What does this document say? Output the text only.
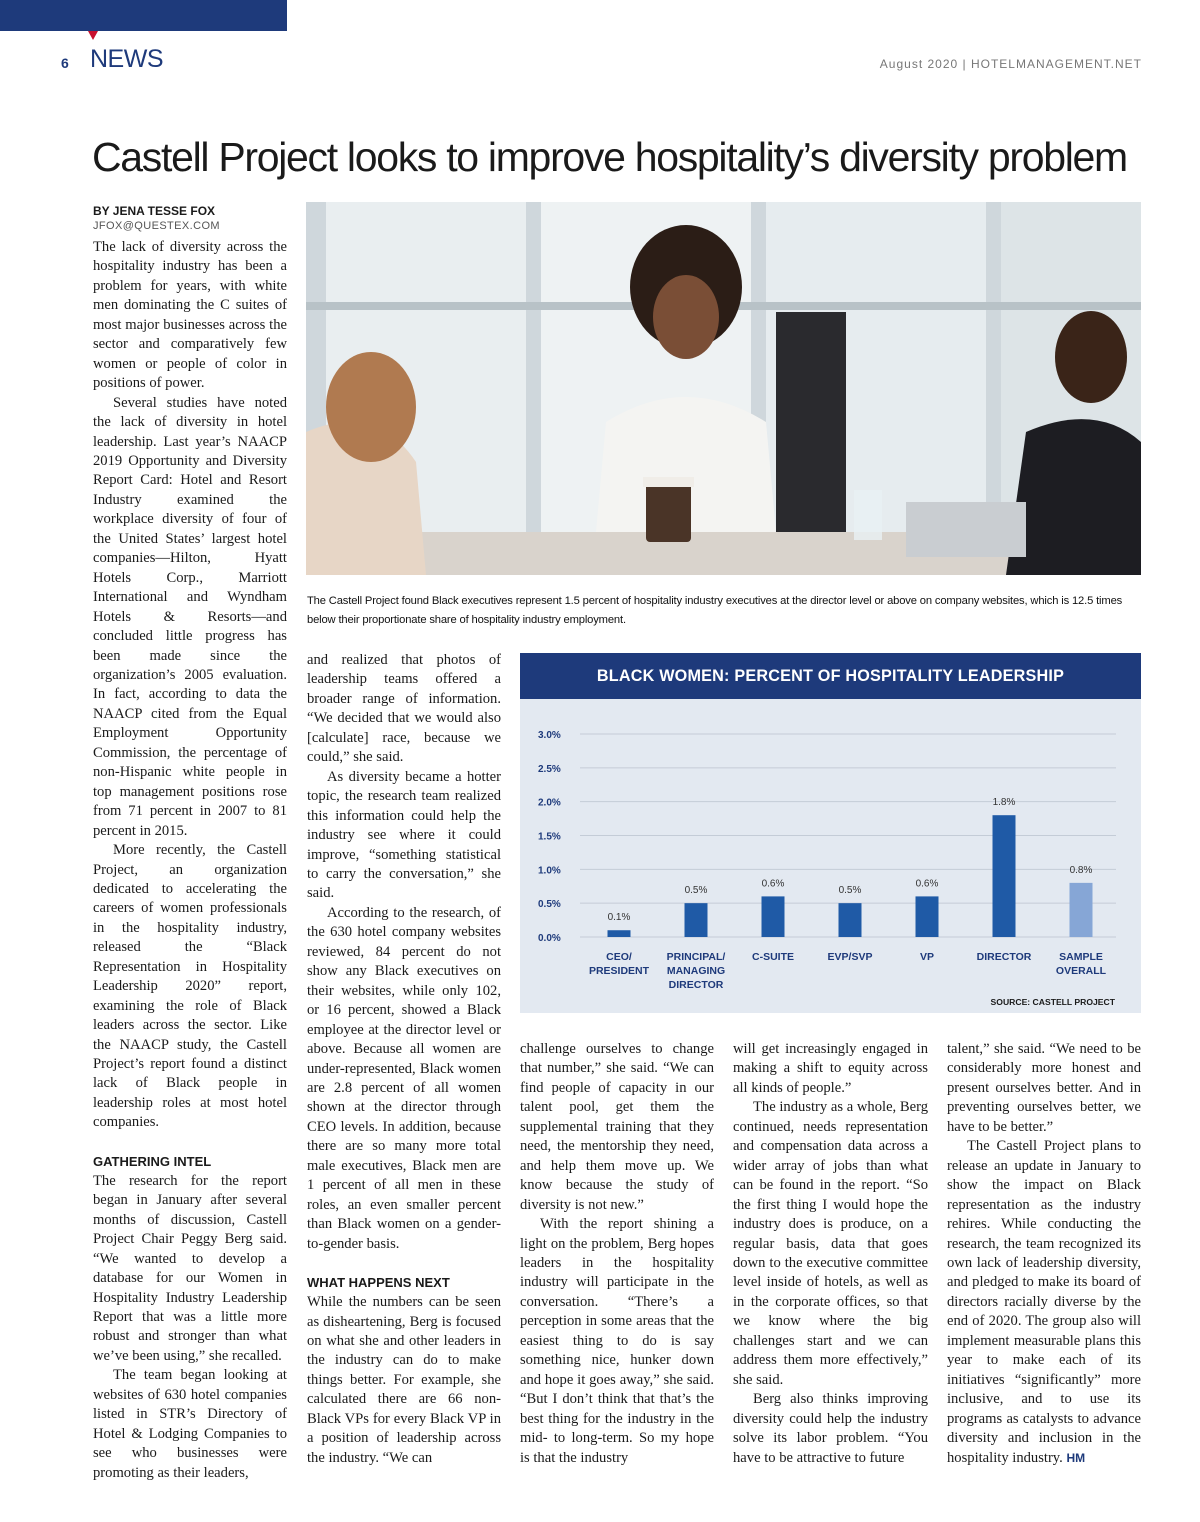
6 NEWS	August 2020 | HOTELMANAGEMENT.NET
Castell Project looks to improve hospitality’s diversity problem
BY JENA TESSE FOX
JFOX@QUESTEX.COM

The lack of diversity across the hospitality industry has been a problem for years, with white men dominating the C suites of most major businesses across the sector and comparatively few women or people of color in positions of power.

Several studies have noted the lack of diversity in hotel leadership. Last year’s NAACP 2019 Opportunity and Diversity Report Card: Hotel and Resort Industry examined the workplace diversity of four of the United States’ largest hotel companies—Hilton, Hyatt Hotels Corp., Marriott International and Wyndham Hotels & Resorts—and concluded little progress has been made since the organization’s 2005 evaluation. In fact, according to data the NAACP cited from the Equal Employment Opportunity Commission, the percentage of non-Hispanic white people in top management positions rose from 71 percent in 2007 to 81 percent in 2015.

More recently, the Castell Project, an organization dedicated to accelerating the careers of women professionals in the hospitality industry, released the “Black Representation in Hospitality Leadership 2020” report, examining the role of Black leaders across the sector. Like the NAACP study, the Castell Project’s report found a distinct lack of Black people in leadership roles at most hotel companies.

GATHERING INTEL

The research for the report began in January after several months of discussion, Castell Project Chair Peggy Berg said. “We wanted to develop a database for our Women in Hospitality Industry Leadership Report that was a little more robust and stronger than what we’ve been using,” she recalled.

The team began looking at websites of 630 hotel companies listed in STR’s Directory of Hotel & Lodging Companies to see who businesses were promoting as their leaders,

The Castell Project found Black executives represent 1.5 percent of hospitality industry executives at the director level or above on company websites, which is 12.5 times below their proportionate share of hospitality industry employment.

and realized that photos of leadership teams offered a broader range of information. “We decided that we would also [calculate] race, because we could,” she said.

As diversity became a hotter topic, the research team realized this information could help the industry see where it could improve, “something statistical to carry the conversation,” she said.

According to the research, of the 630 hotel company websites reviewed, 84 percent do not show any Black executives on their websites, while only 102, or 16 percent, showed a Black employee at the director level or above. Because all women are under-represented, Black women are 2.8 percent of all women shown at the director through CEO levels. In addition, because there are so many more total male executives, Black men are 1 percent of all men in these roles, an even smaller percent than Black women on a gender-to-gender basis.

WHAT HAPPENS NEXT

While the numbers can be seen as disheartening, Berg is focused on what she and other leaders in the industry can do to make things better. For example, she calculated there are 66 non-Black VPs for every Black VP in a position of leadership across the industry. “We can

BLACK WOMEN: PERCENT OF HOSPITALITY LEADERSHIP
0.0%
0.5%
1.0%
1.5%
2.0%
2.5%
3.0%
0.1%
CEO/
PRESIDENT
0.5%
PRINCIPAL/
MANAGING
DIRECTOR
0.6%
C-SUITE
0.5%
EVP/SVP
0.6%
VP
1.8%
DIRECTOR
0.8%
SAMPLE
OVERALL
SOURCE: CASTELL PROJECT

challenge ourselves to change that number,” she said. “We can find people of capacity in our talent pool, get them the supplemental training that they need, the mentorship they need, and help them move up. We know because the study of diversity is not new.”

With the report shining a light on the problem, Berg hopes leaders in the hospitality industry will participate in the conversation. “There’s a perception in some areas that the easiest thing to do is say something nice, hunker down and hope it goes away,” she said. “But I don’t think that that’s the best thing for the industry in the mid- to long-term. So my hope is that the industry

will get increasingly engaged in making a shift to equity across all kinds of people.”

The industry as a whole, Berg continued, needs representation and compensation data across a wider array of jobs than what can be found in the report. “So the first thing I would hope the industry does is produce, on a regular basis, data that goes down to the executive committee level inside of hotels, as well as in the corporate offices, so that we know where the big challenges start and we can address them more effectively,” she said.

Berg also thinks improving diversity could help the industry solve its labor problem. “You have to be attractive to future

talent,” she said. “We need to be considerably more honest and present ourselves better. And in preventing ourselves better, we have to be better.”

The Castell Project plans to release an update in January to show the impact on Black representation as the industry rehires. While conducting the research, the team recognized its own lack of leadership diversity, and pledged to make its board of directors racially diverse by the end of 2020. The group also will implement measurable plans this year to make each of its initiatives “significantly” more inclusive, and to use its programs as catalysts to advance diversity and inclusion in the hospitality industry. HM
